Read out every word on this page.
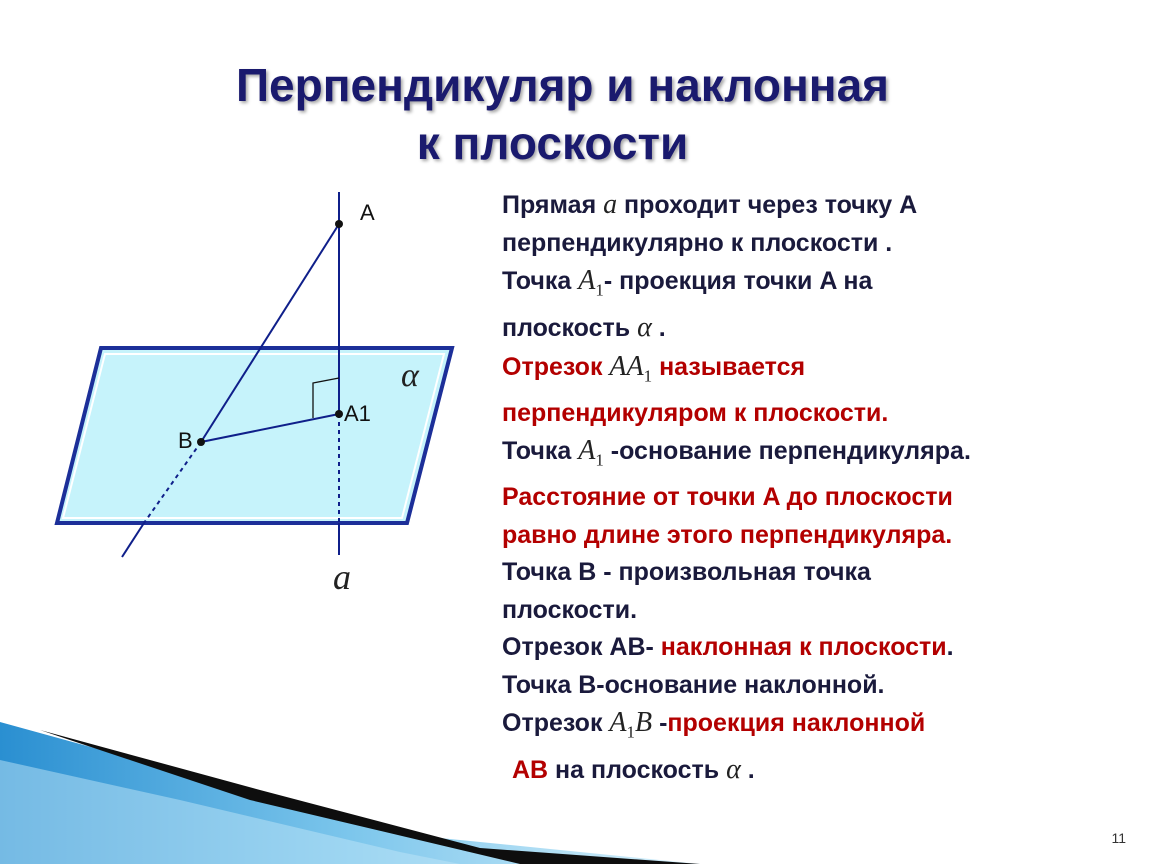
Перпендикуляр и наклонная
к плоскости
A
A1
B
α
a
Прямая a проходит через точку A
перпендикулярно к плоскости .
Точка $A_1-$ проекция точки A на
плоскость α .
Отрезок $AA_1$ называется
перпендикуляром к плоскости.
Точка $A_1$ -основание перпендикуляра.
Расстояние от точки A до плоскости
равно длине этого перпендикуляра.
Точка B - произвольная точка
плоскости.
Отрезок AB- наклонная к плоскости.
Точка B-основание наклонной.
Отрезок $A_1B$ -проекция наклонной
AB на плоскость α .
11
